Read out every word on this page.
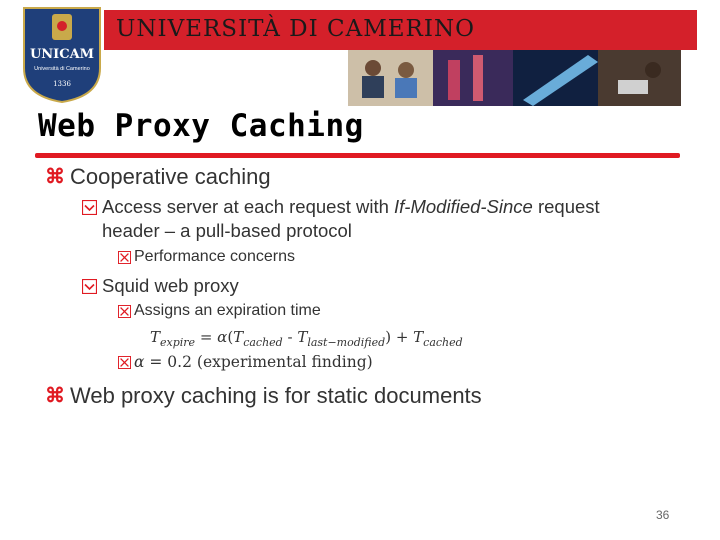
UNICAM
Università di Camerino
1336
UNIVERSITÀ DI CAMERINO
Web Proxy Caching
⌘ Cooperative caching
Access server at each request with If-Modified-Since request
header – a pull-based protocol
Performance concerns
Squid web proxy
Assigns an expiration time
$T_{expire} = \alpha(T_{cached} - T_{last-modified}) + T_{cached}$
α = 0.2 (experimental finding)
⌘ Web proxy caching is for static documents
36
